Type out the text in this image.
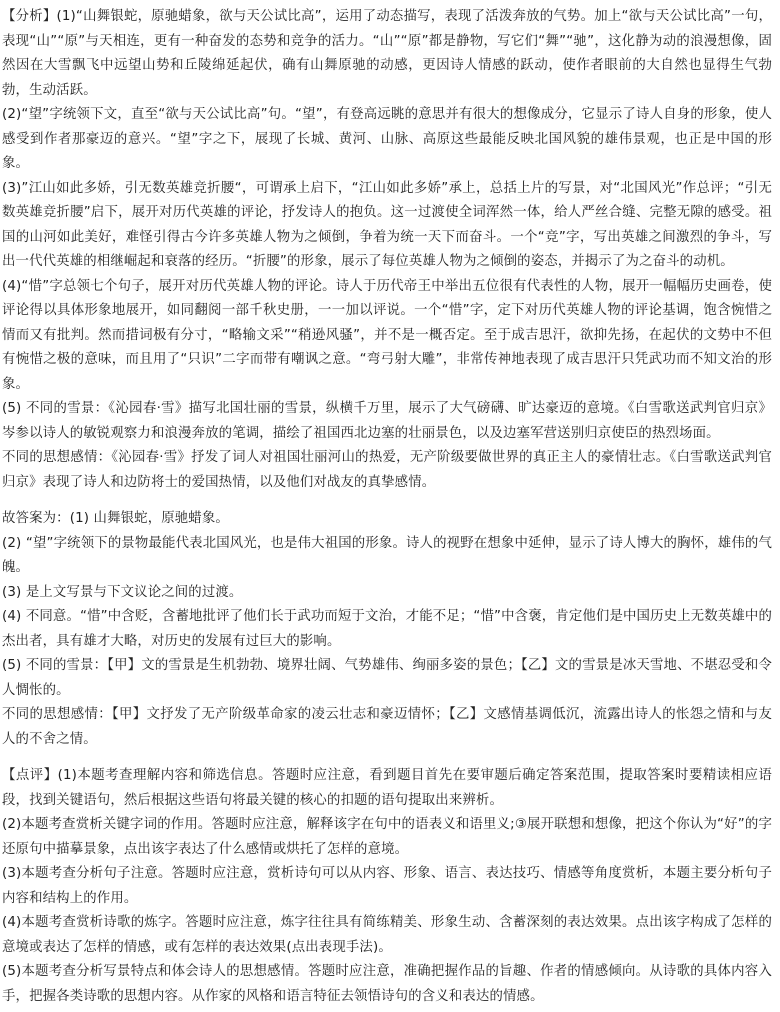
【分析】(1)“山舞银蛇，原驰蜡象，欲与天公试比高”，运用了动态描写，表现了活泼奔放的气势。加上“欲与天公试比高”一句，表现“山”“原”与天相连，更有一种奋发的态势和竞争的活力。“山”“原”都是静物，写它们“舞”“驰”，这化静为动的浪漫想像，固然因在大雪飘飞中远望山势和丘陵绵延起伏，确有山舞原驰的动感，更因诗人情感的跃动，使作者眼前的大自然也显得生气勃勃，生动活跃。

(2)“望”字统领下文，直至“欲与天公试比高”句。“望”，有登高远眺的意思并有很大的想像成分，它显示了诗人自身的形象，使人感受到作者那豪迈的意兴。“望”字之下，展现了长城、黄河、山脉、高原这些最能反映北国风貌的雄伟景观，也正是中国的形象。

(3)”江山如此多娇，引无数英雄竞折腰“，可谓承上启下，“江山如此多娇”承上，总括上片的写景，对“北国风光”作总评；“引无数英雄竞折腰”启下，展开对历代英雄的评论，抒发诗人的抱负。这一过渡使全词浑然一体，给人严丝合缝、完整无隙的感受。祖国的山河如此美好，难怪引得古今许多英雄人物为之倾倒，争着为统一天下而奋斗。一个“竞”字，写出英雄之间激烈的争斗，写出一代代英雄的相继崛起和衰落的经历。“折腰”的形象，展示了每位英雄人物为之倾倒的姿态，并揭示了为之奋斗的动机。

(4)“惜”字总领七个句子，展开对历代英雄人物的评论。诗人于历代帝王中举出五位很有代表性的人物，展开一幅幅历史画卷，使评论得以具体形象地展开，如同翻阅一部千秋史册，一一加以评说。一个“惜”字，定下对历代英雄人物的评论基调，饱含惋惜之情而又有批判。然而措词极有分寸，“略输文采”“稍逊风骚”，并不是一概否定。至于成吉思汗，欲抑先扬，在起伏的文势中不但有惋惜之极的意味，而且用了“只识”二字而带有嘲讽之意。“弯弓射大雕”，非常传神地表现了成吉思汗只凭武功而不知文治的形象。

(5) 不同的雪景：《沁园春·雪》描写北国壮丽的雪景，纵横千万里，展示了大气磅礴、旷达豪迈的意境。《白雪歌送武判官归京》岑参以诗人的敏锐观察力和浪漫奔放的笔调，描绘了祖国西北边塞的壮丽景色，以及边塞军营送别归京使臣的热烈场面。

不同的思想感情：《沁园春·雪》抒发了词人对祖国壮丽河山的热爱，无产阶级要做世界的真正主人的豪情壮志。《白雪歌送武判官归京》表现了诗人和边防将士的爱国热情，以及他们对战友的真挚感情。

故答案为：(1) 山舞银蛇，原驰蜡象。

(2) “望”字统领下的景物最能代表北国风光，也是伟大祖国的形象。诗人的视野在想象中延伸，显示了诗人博大的胸怀，雄伟的气魄。

(3) 是上文写景与下文议论之间的过渡。

(4) 不同意。“惜”中含贬，含蓄地批评了他们长于武功而短于文治，才能不足；“惜”中含褒，肯定他们是中国历史上无数英雄中的杰出者，具有雄才大略，对历史的发展有过巨大的影响。

(5) 不同的雪景：【甲】文的雪景是生机勃勃、境界壮阔、气势雄伟、绚丽多姿的景色；【乙】文的雪景是冰天雪地、不堪忍受和令人惆怅的。

不同的思想感情：【甲】文抒发了无产阶级革命家的凌云壮志和豪迈情怀；【乙】文感情基调低沉，流露出诗人的怅怨之情和与友人的不舍之情。

【点评】(1)本题考查理解内容和筛选信息。答题时应注意，看到题目首先在要审题后确定答案范围，提取答案时要精读相应语段，找到关键语句，然后根据这些语句将最关键的核心的扣题的语句提取出来辨析。

(2)本题考查赏析关键字词的作用。答题时应注意，解释该字在句中的语表义和语里义;③展开联想和想像，把这个你认为“好”的字还原句中描摹景象，点出该字表达了什么感情或烘托了怎样的意境。

(3)本题考查分析句子注意。答题时应注意，赏析诗句可以从内容、形象、语言、表达技巧、情感等角度赏析，本题主要分析句子内容和结构上的作用。

(4)本题考查赏析诗歌的炼字。答题时应注意，炼字往往具有简练精美、形象生动、含蓄深刻的表达效果。点出该字构成了怎样的意境或表达了怎样的情感，或有怎样的表达效果(点出表现手法)。

(5)本题考查分析写景特点和体会诗人的思想感情。答题时应注意，准确把握作品的旨趣、作者的情感倾向。从诗歌的具体内容入手，把握各类诗歌的思想内容。从作家的风格和语言特征去领悟诗句的含义和表达的情感。
